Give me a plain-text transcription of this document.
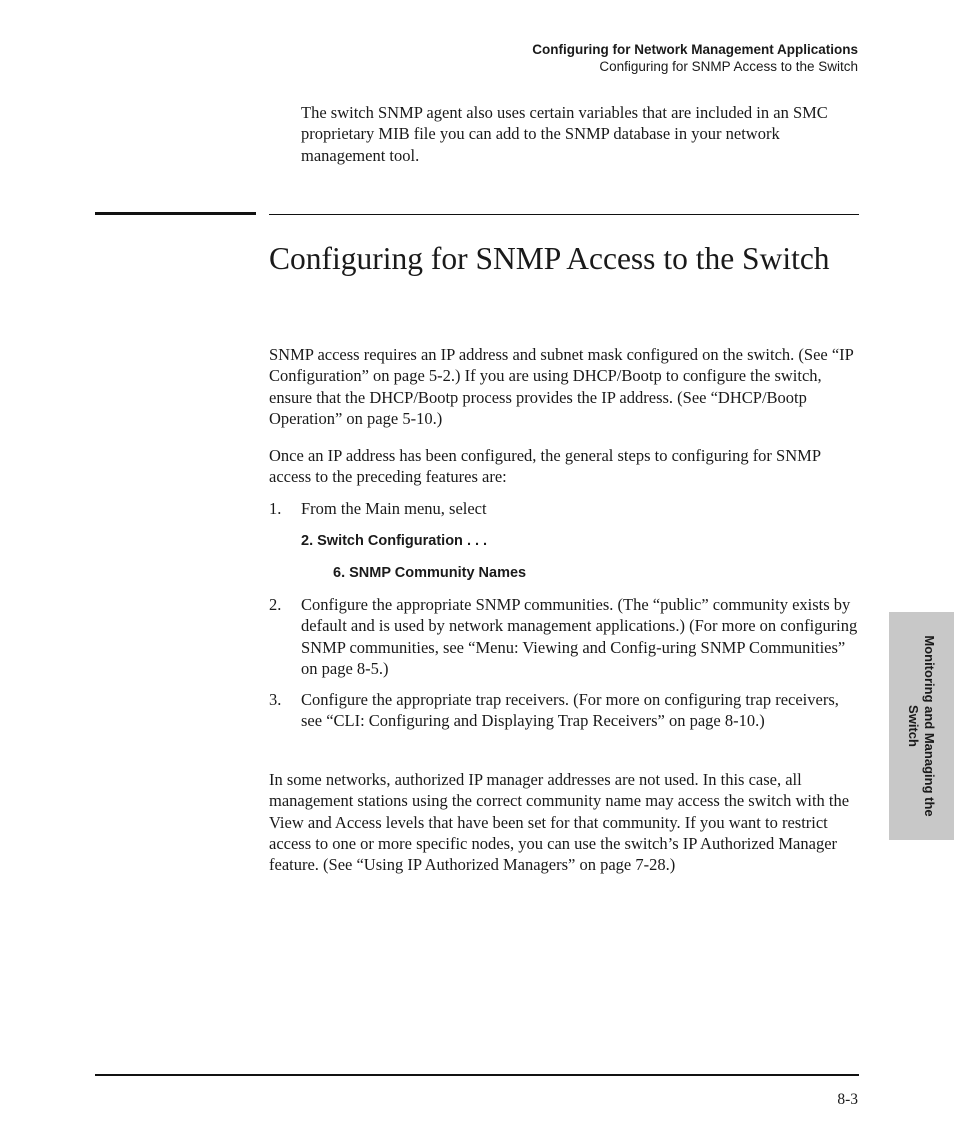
Configuring for Network Management Applications
Configuring for SNMP Access to the Switch

The switch SNMP agent also uses certain variables that are included in an SMC proprietary MIB file you can add to the SNMP database in your network management tool.

Configuring for SNMP Access to the Switch

SNMP access requires an IP address and subnet mask configured on the switch. (See “IP Configuration” on page 5-2.) If you are using DHCP/Bootp to configure the switch, ensure that the DHCP/Bootp process provides the IP address. (See “DHCP/Bootp Operation” on page 5-10.)

Once an IP address has been configured, the general steps to configuring for SNMP access to the preceding features are:

1. From the Main menu, select

2. Switch Configuration . . .
6. SNMP Community Names
2. Configure the appropriate SNMP communities. (The “public” community exists by default and is used by network management applications.) (For more on configuring SNMP communities, see “Menu: Viewing and Config-uring SNMP Communities” on page 8-5.)

3. Configure the appropriate trap receivers. (For more on configuring trap receivers, see “CLI: Configuring and Displaying Trap Receivers” on page 8-10.)

In some networks, authorized IP manager addresses are not used. In this case, all management stations using the correct community name may access the switch with the View and Access levels that have been set for that community. If you want to restrict access to one or more specific nodes, you can use the switch’s IP Authorized Manager feature. (See “Using IP Authorized Managers” on page 7-28.)

Monitoring and Managing the Switch
8-3
